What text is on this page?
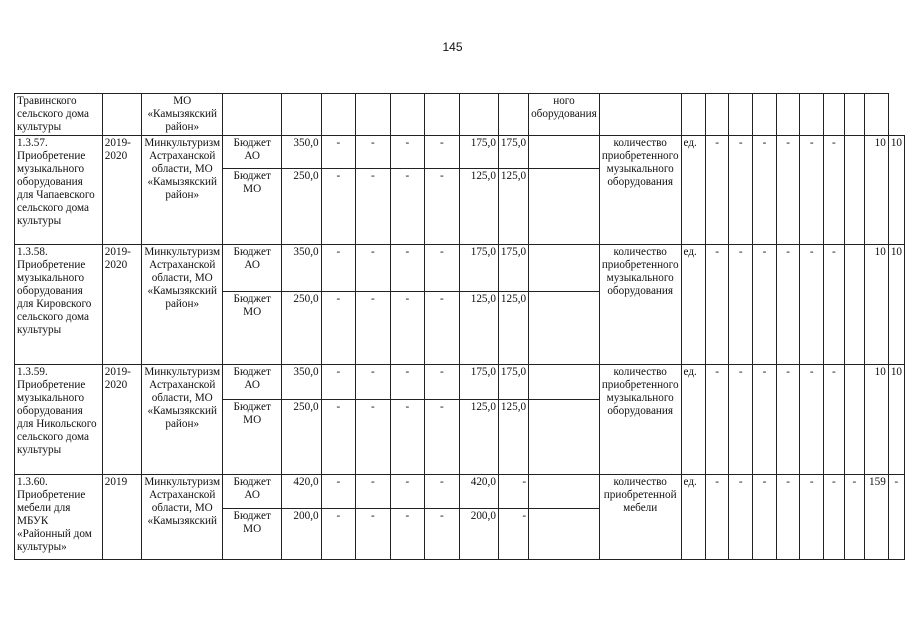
145
Травинского сельского дома культуры		МО «Камызякский район»									ного оборудования											
1.3.57. Приобретение музыкального оборудования для Чапаевского сельского дома культуры	2019-2020	Минкультуризм Астраханской области, МО «Камызякский район»	Бюджет АО	350,0	-	-	-	-	175,0	175,0		количество приобретенного музыкального оборудования	ед.	-	-	-	-	-	-		10	10
			Бюджет МО	250,0	-	-	-	-	125,0	125,0												
1.3.58. Приобретение музыкального оборудования для Кировского сельского дома культуры	2019-2020	Минкультуризм Астраханской области, МО «Камызякский район»	Бюджет АО	350,0	-	-	-	-	175,0	175,0		количество приобретенного музыкального оборудования	ед.	-	-	-	-	-	-		10	10
			Бюджет МО	250,0	-	-	-	-	125,0	125,0												
1.3.59. Приобретение музыкального оборудования для Никольского сельского дома культуры	2019-2020	Минкультуризм Астраханской области, МО «Камызякский район»	Бюджет АО	350,0	-	-	-	-	175,0	175,0		количество приобретенного музыкального оборудования	ед.	-	-	-	-	-	-		10	10
			Бюджет МО	250,0	-	-	-	-	125,0	125,0												
1.3.60. Приобретение мебели для МБУК «Районный дом культуры»	2019	Минкультуризм Астраханской области, МО «Камызякский	Бюджет АО	420,0	-	-	-	-	420,0	-		количество приобретенной мебели	ед.	-	-	-	-	-	-	-	159	-
			Бюджет МО	200,0	-	-	-	-	200,0	-												
